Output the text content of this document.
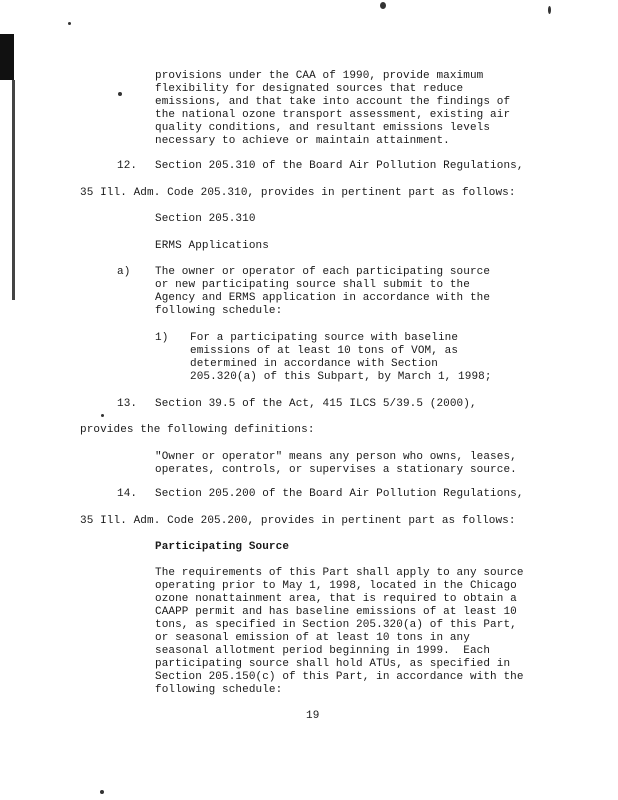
provisions under the CAA of 1990, provide maximum
flexibility for designated sources that reduce
emissions, and that take into account the findings of
the national ozone transport assessment, existing air
quality conditions, and resultant emissions levels
necessary to achieve or maintain attainment.
12. Section 205.310 of the Board Air Pollution Regulations,
35 Ill. Adm. Code 205.310, provides in pertinent part as follows:
Section 205.310
ERMS Applications
a) The owner or operator of each participating source
or new participating source shall submit to the
Agency and ERMS application in accordance with the
following schedule:
1) For a participating source with baseline
emissions of at least 10 tons of VOM, as
determined in accordance with Section
205.320(a) of this Subpart, by March 1, 1998;
13. Section 39.5 of the Act, 415 ILCS 5/39.5 (2000),
provides the following definitions:
"Owner or operator" means any person who owns, leases,
operates, controls, or supervises a stationary source.
14. Section 205.200 of the Board Air Pollution Regulations,
35 Ill. Adm. Code 205.200, provides in pertinent part as follows:
Participating Source
The requirements of this Part shall apply to any source
operating prior to May 1, 1998, located in the Chicago
ozone nonattainment area, that is required to obtain a
CAAPP permit and has baseline emissions of at least 10
tons, as specified in Section 205.320(a) of this Part,
or seasonal emission of at least 10 tons in any
seasonal allotment period beginning in 1999.  Each
participating source shall hold ATUs, as specified in
Section 205.150(c) of this Part, in accordance with the
following schedule:
19
